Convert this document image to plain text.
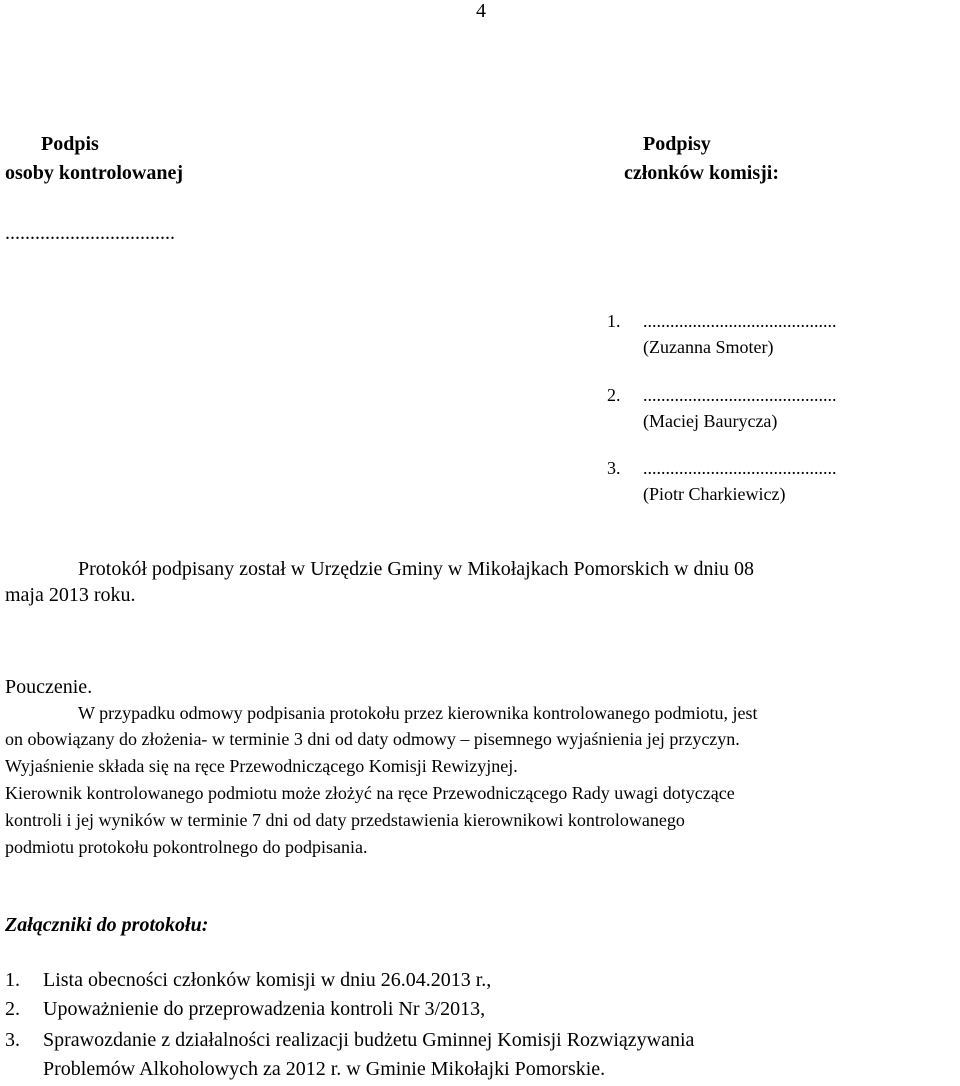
4
Podpis
osoby kontrolowanej
..................................
Podpisy
członków komisji:
1. ...........................................
(Zuzanna Smoter)
2. ...........................................
(Maciej Baurycza)
3. ...........................................
(Piotr Charkiewicz)
Protokół podpisany został w Urzędzie Gminy w Mikołajkach Pomorskich w dniu 08
maja 2013 roku.
Pouczenie.
W przypadku odmowy podpisania protokołu przez kierownika kontrolowanego podmiotu, jest
on obowiązany do złożenia- w terminie 3 dni od daty odmowy – pisemnego wyjaśnienia jej przyczyn.
Wyjaśnienie składa się na ręce Przewodniczącego Komisji Rewizyjnej.
Kierownik kontrolowanego podmiotu może złożyć na ręce Przewodniczącego Rady uwagi dotyczące
kontroli i jej wyników w terminie 7 dni od daty przedstawienia kierownikowi kontrolowanego
podmiotu protokołu pokontrolnego do podpisania.
Załączniki do protokołu:
1. Lista obecności członków komisji w dniu 26.04.2013 r.,
2. Upoważnienie do przeprowadzenia kontroli Nr 3/2013,
3. Sprawozdanie z działalności realizacji budżetu Gminnej Komisji Rozwiązywania
Problemów Alkoholowych za 2012 r. w Gminie Mikołajki Pomorskie.
